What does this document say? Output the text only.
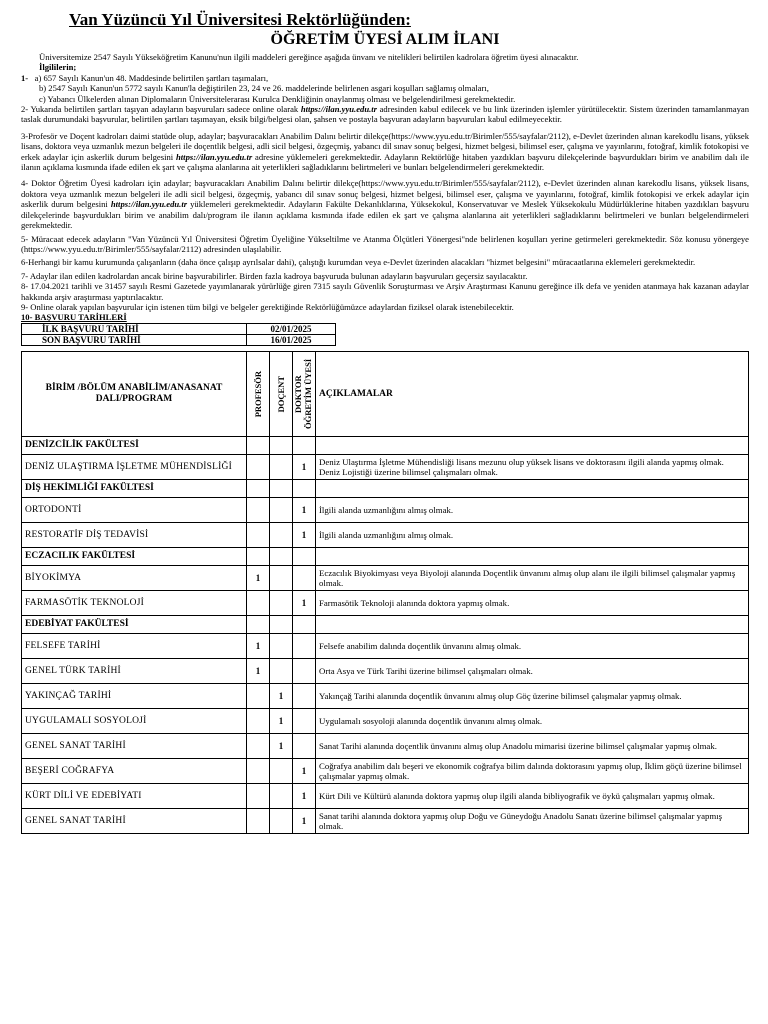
Van Yüzüncü Yıl Üniversitesi Rektörlüğünden:
ÖĞRETİM ÜYESİ ALIM İLANI

Üniversitemize 2547 Sayılı Yükseköğretim Kanunu'nun ilgili maddeleri gereğince aşağıda ünvanı ve nitelikleri belirtilen kadrolara öğretim üyesi alınacaktır.

İlgililerin;

1- a) 657 Sayılı Kanun'un 48. Maddesinde belirtilen şartları taşımaları,

b) 2547 Sayılı Kanun'un 5772 sayılı Kanun'la değiştirilen 23, 24 ve 26. maddelerinde belirlenen asgari koşulları sağlamış olmaları,

c) Yabancı Ülkelerden alınan Diplomaların Üniversitelerarası Kurulca Denkliğinin onaylanmış olması ve belgelendirilmesi gerekmektedir.

2- Yukarıda belirtilen şartları taşıyan adayların başvuruları sadece online olarak https://ilan.yyu.edu.tr adresinden kabul edilecek ve bu link üzerinden işlemler yürütülecektir. Sistem üzerinden tamamlanmayan taslak durumundaki başvurular, belirtilen şartları taşımayan, eksik bilgi/belgesi olan, şahsen ve postayla başvuran adayların başvuruları kabul edilmeyecektir.

3-Profesör ve Doçent kadroları daimi statüde olup, adaylar; başvuracakları Anabilim Dalını belirtir dilekçe(https://www.yyu.edu.tr/Birimler/555/sayfalar/2112), e-Devlet üzerinden alınan karekodlu lisans, yüksek lisans, doktora veya uzmanlık mezun belgeleri ile doçentlik belgesi, adli sicil belgesi, özgeçmiş, yabancı dil sınav sonuç belgesi, hizmet belgesi, bilimsel eser, çalışma ve yayınlarını, fotoğraf, kimlik fotokopisi ve erkek adaylar için askerlik durum belgesini https://ilan.yyu.edu.tr adresine yüklemeleri gerekmektedir. Adayların Rektörlüğe hitaben yazdıkları başvuru dilekçelerinde başvurdukları birim ve anabilim dalı ile ilanın açıklama kısmında ifade edilen ek şart ve çalışma alanlarına ait yeterlikleri sağladıklarını belirtmeleri ve bunları belgelendirmeleri gerekmektedir.

4- Doktor Öğretim Üyesi kadroları için adaylar; başvuracakları Anabilim Dalını belirtir dilekçe(https://www.yyu.edu.tr/Birimler/555/sayfalar/2112), e-Devlet üzerinden alınan karekodlu lisans, yüksek lisans, doktora veya uzmanlık mezun belgeleri ile adli sicil belgesi, özgeçmiş, yabancı dil sınav sonuç belgesi, hizmet belgesi, bilimsel eser, çalışma ve yayınlarını, fotoğraf, kimlik fotokopisi ve erkek adaylar için askerlik durum belgesini https://ilan.yyu.edu.tr yüklemeleri gerekmektedir. Adayların Fakülte Dekanlıklarına, Yüksekokul, Konservatuvar ve Meslek Yüksekokulu Müdürlüklerine hitaben yazdıkları başvuru dilekçelerinde başvurdukları birim ve anabilim dalı/program ile ilanın açıklama kısmında ifade edilen ek şart ve çalışma alanlarına ait yeterlikleri sağladıklarını belirtmeleri ve bunları belgelendirmeleri gerekmektedir.

5- Müracaat edecek adayların "Van Yüzüncü Yıl Üniversitesi Öğretim Üyeliğine Yükseltilme ve Atanma Ölçütleri Yönergesi"nde belirlenen koşulları yerine getirmeleri gerekmektedir. Söz konusu yönergeye (https://www.yyu.edu.tr/Birimler/555/sayfalar/2112) adresinden ulaşılabilir.

6-Herhangi bir kamu kurumunda çalışanların (daha önce çalışıp ayrılsalar dahi), çalıştığı kurumdan veya e-Devlet üzerinden alacakları "hizmet belgesini" müracaatlarına eklemeleri gerekmektedir.

7- Adaylar ilan edilen kadrolardan ancak birine başvurabilirler. Birden fazla kadroya başvuruda bulunan adayların başvuruları geçersiz sayılacaktır.

8- 17.04.2021 tarihli ve 31457 sayılı Resmi Gazetede yayımlanarak yürürlüğe giren 7315 sayılı Güvenlik Soruşturması ve Arşiv Araştırması Kanunu gereğince ilk defa ve yeniden atanmaya hak kazanan adaylar hakkında arşiv araştırması yaptırılacaktır.

9- Online olarak yapılan başvurular için istenen tüm bilgi ve belgeler gerektiğinde Rektörlüğümüzce adaylardan fiziksel olarak istenebilecektir.

10- BAŞVURU TARİHLERİ

İLK BAŞVURU TARİHİ	02/01/2025
SON BAŞVURU TARİHİ	16/01/2025
BİRİM /BÖLÜM ANABİLİM/ANASANAT DALI/PROGRAM	PROFESÖR	DOÇENT	DOKTOR ÖĞRETİM ÜYESİ	AÇIKLAMALAR
DENİZCİLİK FAKÜLTESİ				
DENİZ ULAŞTIRMA İŞLETME MÜHENDİSLİĞİ			1	Deniz Ulaştırma İşletme Mühendisliği lisans mezunu olup yüksek lisans ve doktorasını ilgili alanda yapmış olmak. Deniz Lojistiği üzerine bilimsel çalışmaları olmak.
DİŞ HEKİMLİĞİ FAKÜLTESİ				
ORTODONTİ			1	İlgili alanda uzmanlığını almış olmak.
RESTORATİF DİŞ TEDAVİSİ			1	İlgili alanda uzmanlığını almış olmak.
ECZACILIK FAKÜLTESİ				
BİYOKİMYA	1			Eczacılık Biyokimyası veya Biyoloji alanında Doçentlik ünvanını almış olup alanı ile ilgili bilimsel çalışmalar yapmış olmak.
FARMASÖTİK TEKNOLOJİ			1	Farmasötik Teknoloji alanında doktora yapmış olmak.
EDEBİYAT FAKÜLTESİ				
FELSEFE TARİHİ	1			Felsefe anabilim dalında doçentlik ünvanını almış olmak.
GENEL TÜRK TARİHİ	1			Orta Asya ve Türk Tarihi üzerine bilimsel çalışmaları olmak.
YAKINÇAĞ TARİHİ		1		Yakınçağ Tarihi alanında doçentlik ünvanını almış olup Göç üzerine bilimsel çalışmalar yapmış olmak.
UYGULAMALI SOSYOLOJİ		1		Uygulamalı sosyoloji alanında doçentlik ünvanını almış olmak.
GENEL SANAT TARİHİ		1		Sanat Tarihi alanında doçentlik ünvanını almış olup Anadolu mimarisi üzerine bilimsel çalışmalar yapmış olmak.
BEŞERİ COĞRAFYA			1	Coğrafya anabilim dalı beşeri ve ekonomik coğrafya bilim dalında doktorasını yapmış olup, İklim göçü üzerine bilimsel çalışmalar yapmış olmak.
KÜRT DİLİ VE EDEBİYATI			1	Kürt Dili ve Kültürü alanında doktora yapmış olup ilgili alanda bibliyografik ve öykü çalışmaları yapmış olmak.
GENEL SANAT TARİHİ			1	Sanat tarihi alanında doktora yapmış olup Doğu ve Güneydoğu Anadolu Sanatı üzerine bilimsel çalışmalar yapmış olmak.
